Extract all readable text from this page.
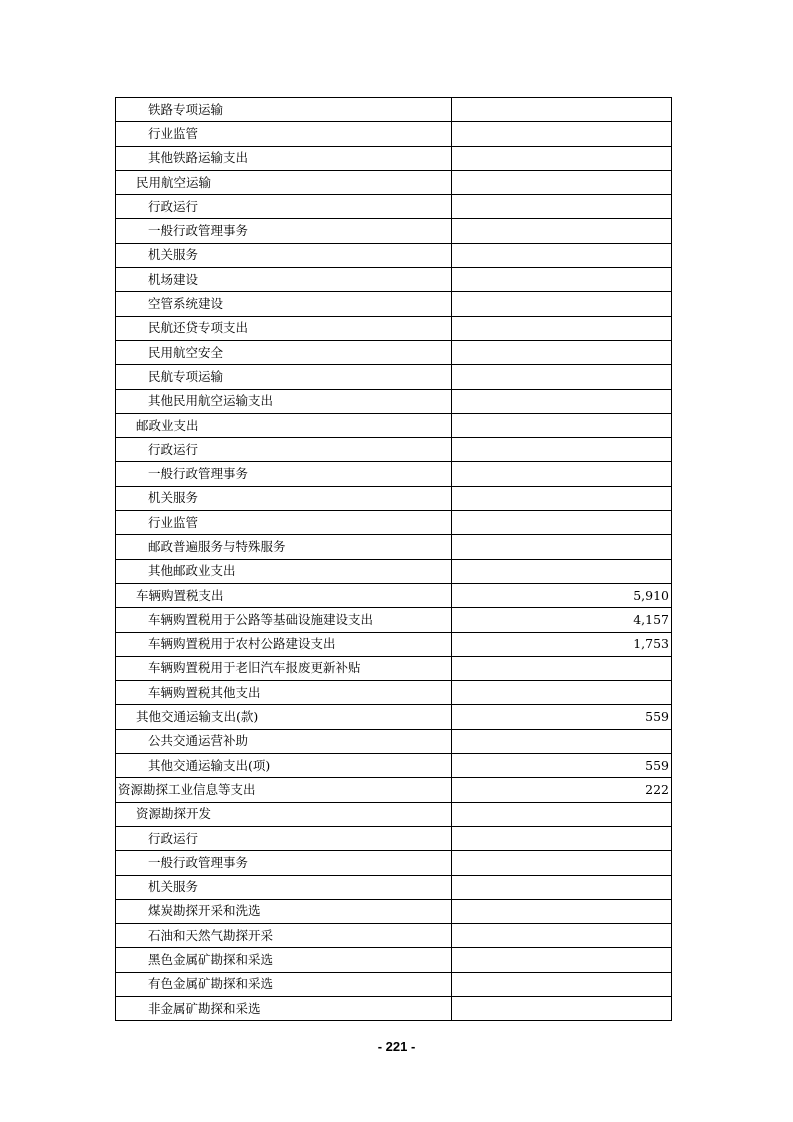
铁路专项运输	
行业监管	
其他铁路运输支出	
民用航空运输	
行政运行	
一般行政管理事务	
机关服务	
机场建设	
空管系统建设	
民航还贷专项支出	
民用航空安全	
民航专项运输	
其他民用航空运输支出	
邮政业支出	
行政运行	
一般行政管理事务	
机关服务	
行业监管	
邮政普遍服务与特殊服务	
其他邮政业支出	
车辆购置税支出	5,910
车辆购置税用于公路等基础设施建设支出	4,157
车辆购置税用于农村公路建设支出	1,753
车辆购置税用于老旧汽车报废更新补贴	
车辆购置税其他支出	
其他交通运输支出(款)	559
公共交通运营补助	
其他交通运输支出(项)	559
资源勘探工业信息等支出	222
资源勘探开发	
行政运行	
一般行政管理事务	
机关服务	
煤炭勘探开采和洗选	
石油和天然气勘探开采	
黑色金属矿勘探和采选	
有色金属矿勘探和采选	
非金属矿勘探和采选	
- 221 -
